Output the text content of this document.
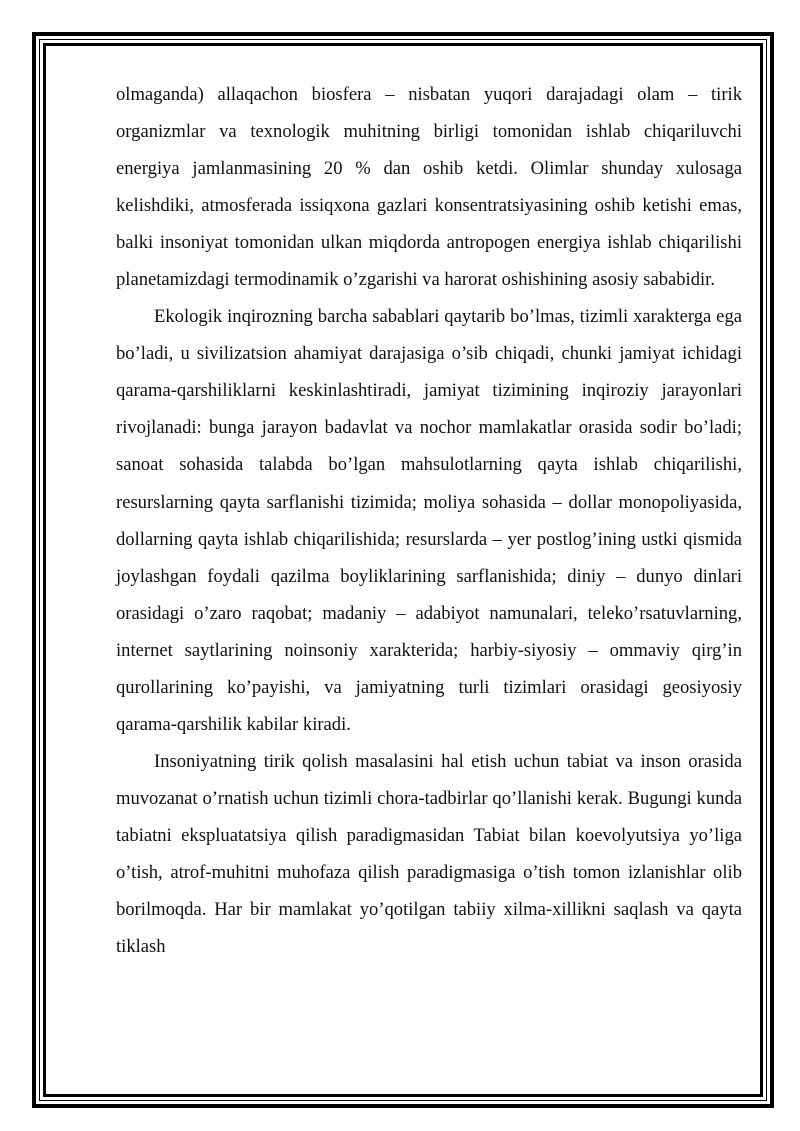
olmaganda) allaqachon biosfera – nisbatan yuqori darajadagi olam – tirik organizmlar va texnologik muhitning birligi tomonidan ishlab chiqariluvchi energiya jamlanmasining 20 % dan oshib ketdi. Olimlar shunday xulosaga kelishdiki, atmosferada issiqxona gazlari konsentratsiyasining oshib ketishi emas, balki insoniyat tomonidan ulkan miqdorda antropogen energiya ishlab chiqarilishi planetamizdagi termodinamik o’zgarishi va harorat oshishining asosiy sababidir.

Ekologik inqirozning barcha sabablari qaytarib bo’lmas, tizimli xarakterga ega bo’ladi, u sivilizatsion ahamiyat darajasiga o’sib chiqadi, chunki jamiyat ichidagi qarama-qarshiliklarni keskinlashtiradi, jamiyat tizimining inqiroziy jarayonlari rivojlanadi: bunga jarayon badavlat va nochor mamlakatlar orasida sodir bo’ladi; sanoat sohasida talabda bo’lgan mahsulotlarning qayta ishlab chiqarilishi, resurslarning qayta sarflanishi tizimida; moliya sohasida – dollar monopoliyasida, dollarning qayta ishlab chiqarilishida; resurslarda – yer postlog’ining ustki qismida joylashgan foydali qazilma boyliklarining sarflanishida; diniy – dunyo dinlari orasidagi o’zaro raqobat; madaniy – adabiyot namunalari, teleko’rsatuvlarning, internet saytlarining noinsoniy xarakterida; harbiy-siyosiy – ommaviy qirg’in qurollarining ko’payishi, va jamiyatning turli tizimlari orasidagi geosiyosiy qarama-qarshilik kabilar kiradi.

Insoniyatning tirik qolish masalasini hal etish uchun tabiat va inson orasida muvozanat o’rnatish uchun tizimli chora-tadbirlar qo’llanishi kerak. Bugungi kunda tabiatni ekspluatatsiya qilish paradigmasidan Tabiat bilan koevolyutsiya yo’liga o’tish, atrof-muhitni muhofaza qilish paradigmasiga o’tish tomon izlanishlar olib borilmoqda. Har bir mamlakat yo’qotilgan tabiiy xilma-xillikni saqlash va qayta tiklash
